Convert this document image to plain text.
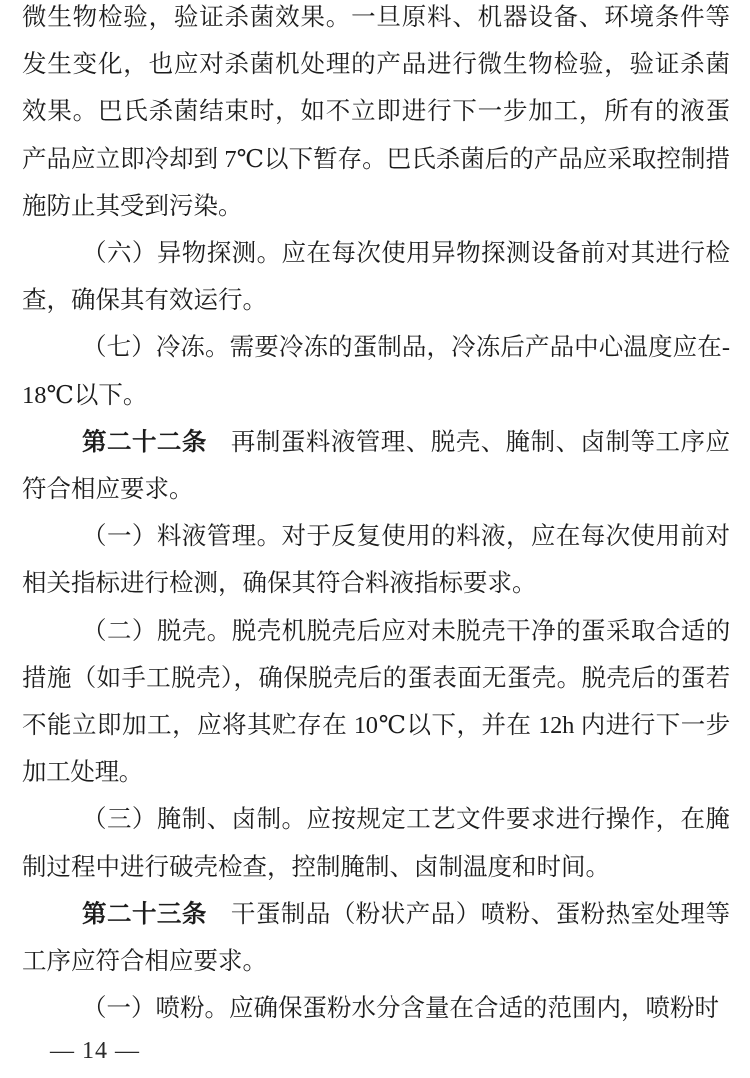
微生物检验，验证杀菌效果。一旦原料、机器设备、环境条件等发生变化，也应对杀菌机处理的产品进行微生物检验，验证杀菌效果。巴氏杀菌结束时，如不立即进行下一步加工，所有的液蛋产品应立即冷却到 7℃以下暂存。巴氏杀菌后的产品应采取控制措施防止其受到污染。

（六）异物探测。应在每次使用异物探测设备前对其进行检查，确保其有效运行。

（七）冷冻。需要冷冻的蛋制品，冷冻后产品中心温度应在-18℃以下。

第二十二条 再制蛋料液管理、脱壳、腌制、卤制等工序应符合相应要求。

（一）料液管理。对于反复使用的料液，应在每次使用前对相关指标进行检测，确保其符合料液指标要求。

（二）脱壳。脱壳机脱壳后应对未脱壳干净的蛋采取合适的措施（如手工脱壳），确保脱壳后的蛋表面无蛋壳。脱壳后的蛋若不能立即加工，应将其贮存在 10℃以下，并在 12h 内进行下一步加工处理。

（三）腌制、卤制。应按规定工艺文件要求进行操作，在腌制过程中进行破壳检查，控制腌制、卤制温度和时间。

第二十三条 干蛋制品（粉状产品）喷粉、蛋粉热室处理等工序应符合相应要求。

（一）喷粉。应确保蛋粉水分含量在合适的范围内，喷粉时

— 14 —
